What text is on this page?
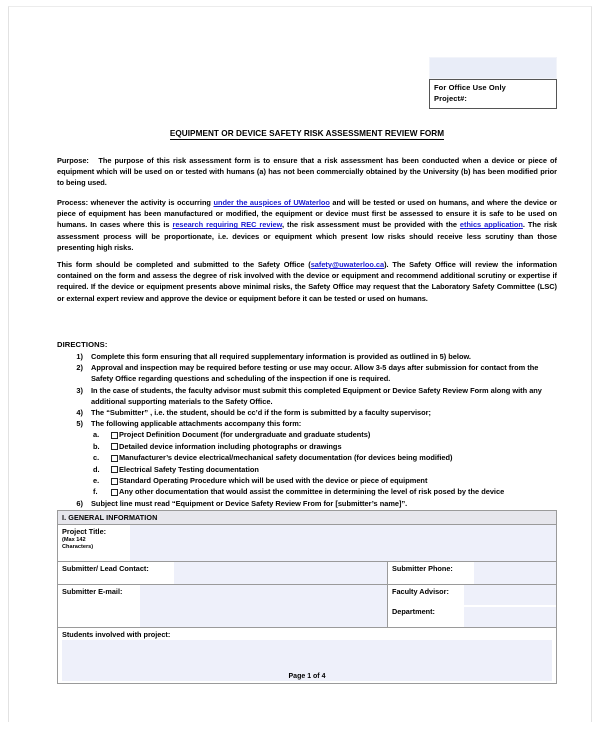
For Office Use Only
Project#:
EQUIPMENT OR DEVICE SAFETY RISK ASSESSMENT REVIEW FORM
Purpose:   The purpose of this risk assessment form is to ensure that a risk assessment has been conducted when a device or piece of equipment which will be used on or tested with humans (a) has not been commercially obtained by the University (b) has been modified prior to being used.
Process: whenever the activity is occurring under the auspices of UWaterloo and will be tested or used on humans, and where the device or piece of equipment has been manufactured or modified, the equipment or device must first be assessed to ensure it is safe to be used on humans. In cases where this is research requiring REC review, the risk assessment must be provided with the ethics application. The risk assessment process will be proportionate, i.e. devices or equipment which present low risks should receive less scrutiny than those presenting high risks.
This form should be completed and submitted to the Safety Office (safety@uwaterloo.ca). The Safety Office will review the information contained on the form and assess the degree of risk involved with the device or equipment and recommend additional scrutiny or expertise if required. If the device or equipment presents above minimal risks, the Safety Office may request that the Laboratory Safety Committee (LSC) or external expert review and approve the device or equipment before it can be tested or used on humans.
DIRECTIONS:
1)	Complete this form ensuring that all required supplementary information is provided as outlined in 5) below.
2)	Approval and inspection may be required before testing or use may occur. Allow 3-5 days after submission for contact from the Safety Office regarding questions and scheduling of the inspection if one is required.
3)	In the case of students, the faculty advisor must submit this completed Equipment or Device Safety Review Form along with any additional supporting materials to the Safety Office.
4)	The “Submitter” , i.e. the student, should be cc’d if the form is submitted by a faculty supervisor;
5)	The following applicable attachments accompany this form:
a.	Project Definition Document (for undergraduate and graduate students)
b.	Detailed device information including photographs or drawings
c.	Manufacturer’s device electrical/mechanical safety documentation (for devices being modified)
d.	Electrical Safety Testing documentation
e.	Standard Operating Procedure which will be used with the device or piece of equipment
f.	Any other documentation that would assist the committee in determining the level of risk posed by the device
6)	Subject line must read “Equipment or Device Safety Review From for [submitter’s name]”.
I. GENERAL INFORMATION
Project Title:
(Max 142
Characters)
Submitter/ Lead Contact:	Submitter Phone:
Submitter E-mail:	Faculty Advisor:
Department:
Students involved with project:
Page 1 of 4
